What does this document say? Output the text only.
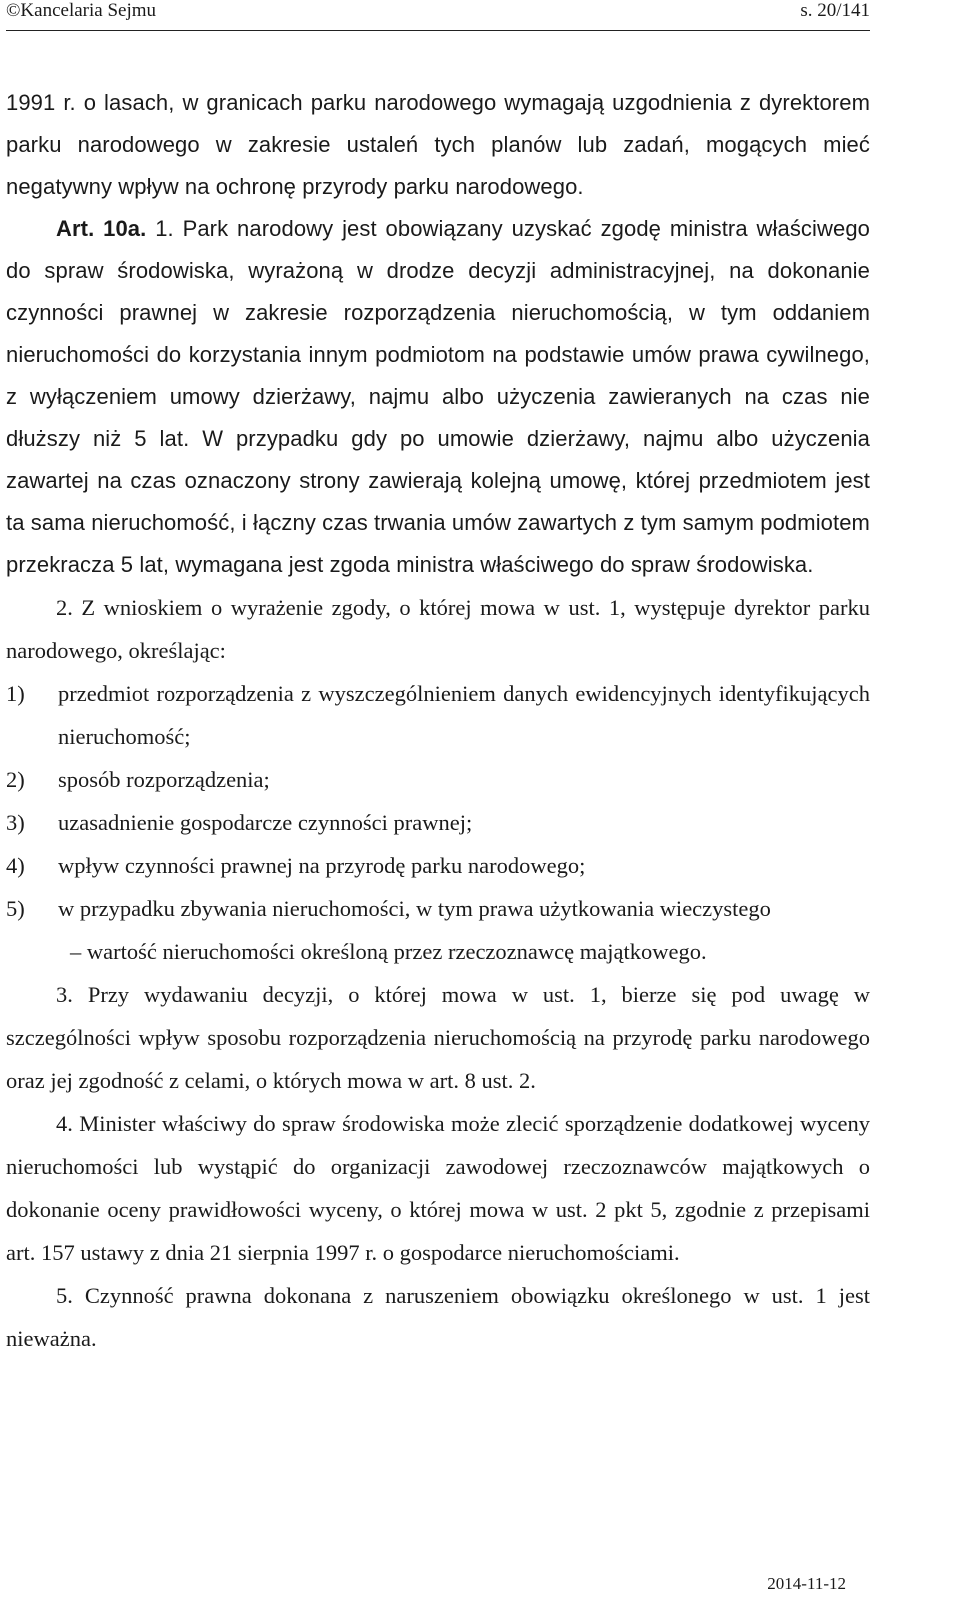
©Kancelaria Sejmu	s. 20/141

1991 r. o lasach, w granicach parku narodowego wymagają uzgodnienia z dyrektorem parku narodowego w zakresie ustaleń tych planów lub zadań, mogących mieć negatywny wpływ na ochronę przyrody parku narodowego.

Art. 10a. 1. Park narodowy jest obowiązany uzyskać zgodę ministra właściwego do spraw środowiska, wyrażoną w drodze decyzji administracyjnej, na dokonanie czynności prawnej w zakresie rozporządzenia nieruchomością, w tym oddaniem nieruchomości do korzystania innym podmiotom na podstawie umów prawa cywilnego, z wyłączeniem umowy dzierżawy, najmu albo użyczenia zawieranych na czas nie dłuższy niż 5 lat. W przypadku gdy po umowie dzierżawy, najmu albo użyczenia zawartej na czas oznaczony strony zawierają kolejną umowę, której przedmiotem jest ta sama nieruchomość, i łączny czas trwania umów zawartych z tym samym podmiotem przekracza 5 lat, wymagana jest zgoda ministra właściwego do spraw środowiska.

2. Z wnioskiem o wyrażenie zgody, o której mowa w ust. 1, występuje dyrektor parku narodowego, określając:

1) przedmiot rozporządzenia z wyszczególnieniem danych ewidencyjnych identyfikujących nieruchomość;
2) sposób rozporządzenia;
3) uzasadnienie gospodarcze czynności prawnej;
4) wpływ czynności prawnej na przyrodę parku narodowego;
5) w przypadku zbywania nieruchomości, w tym prawa użytkowania wieczystego

– wartość nieruchomości określoną przez rzeczoznawcę majątkowego.

3. Przy wydawaniu decyzji, o której mowa w ust. 1, bierze się pod uwagę w szczególności wpływ sposobu rozporządzenia nieruchomością na przyrodę parku narodowego oraz jej zgodność z celami, o których mowa w art. 8 ust. 2.

4. Minister właściwy do spraw środowiska może zlecić sporządzenie dodatkowej wyceny nieruchomości lub wystąpić do organizacji zawodowej rzeczoznawców majątkowych o dokonanie oceny prawidłowości wyceny, o której mowa w ust. 2 pkt 5, zgodnie z przepisami art. 157 ustawy z dnia 21 sierpnia 1997 r. o gospodarce nieruchomościami.

5. Czynność prawna dokonana z naruszeniem obowiązku określonego w ust. 1 jest nieważna.

2014-11-12
